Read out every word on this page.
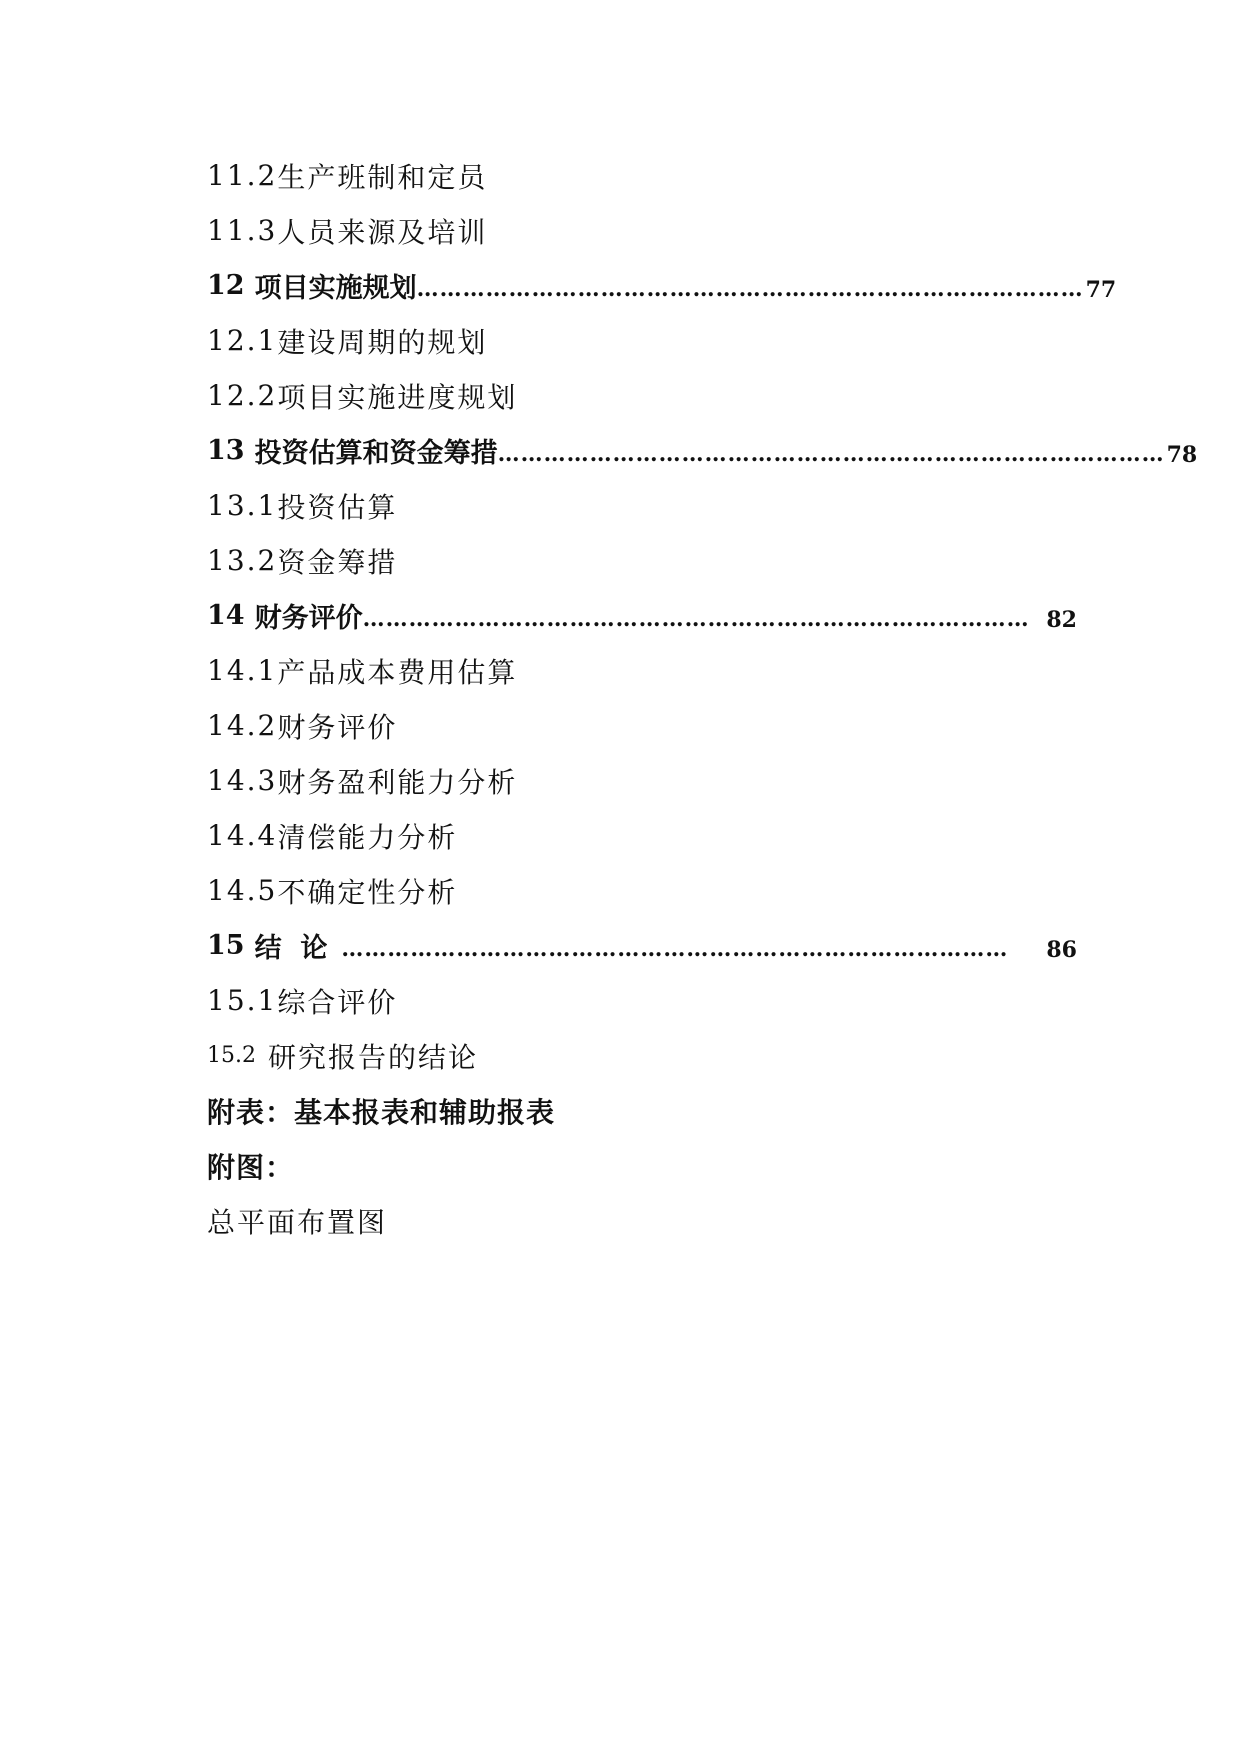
11.2 生产班制和定员
11.3 人员来源及培训
12 项目实施规划 …………………………………………………………………………… 77
12.1 建设周期的规划
12.2 项目实施进度规划
13 投资估算和资金筹措 …………………………………………………………………………… 78
13.1 投资估算
13.2 资金筹措
14 财务评价 …………………………………………………………………………… 82
14.1 产品成本费用估算
14.2 财务评价
14.3 财务盈利能力分析
14.4 清偿能力分析
14.5 不确定性分析
15 结  论 ……………………………………………………………………………	86
15.1 综合评价
15.2 研究报告的结论
附表：基本报表和辅助报表
附图：
总平面布置图
